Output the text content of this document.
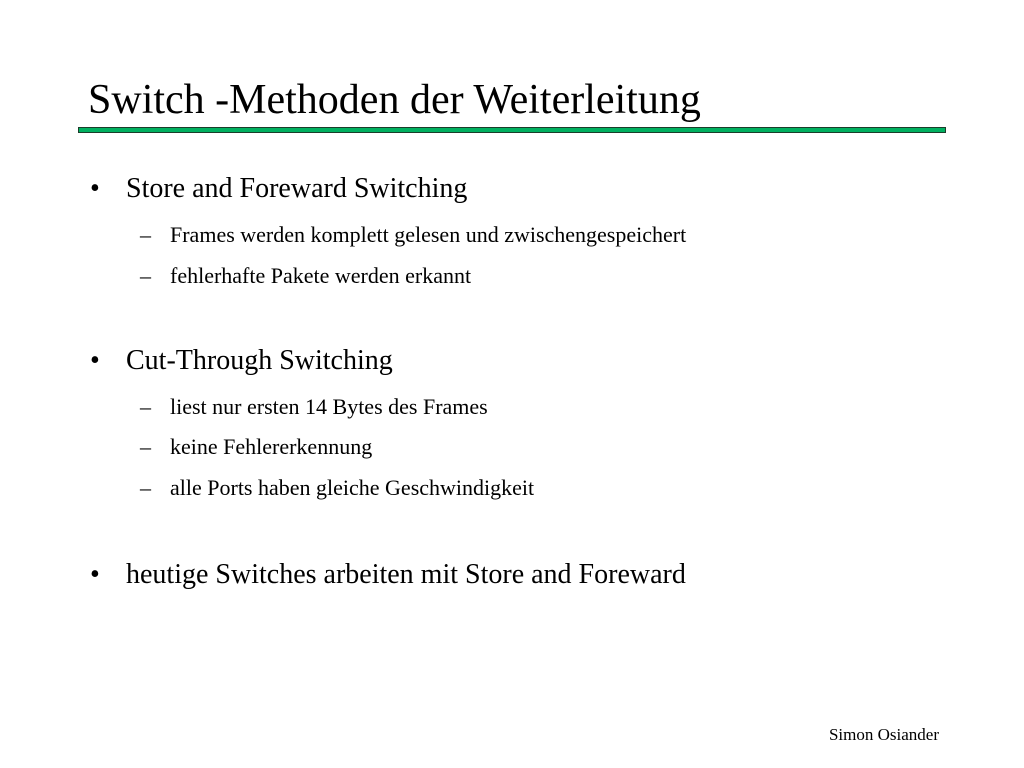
Switch -Methoden der Weiterleitung
• Store and Foreward Switching
– Frames werden komplett gelesen und zwischengespeichert
– fehlerhafte Pakete werden erkannt
• Cut-Through Switching
– liest nur ersten 14 Bytes des Frames
– keine Fehlererkennung
– alle Ports haben gleiche Geschwindigkeit
• heutige Switches arbeiten mit Store and Foreward
Simon Osiander
